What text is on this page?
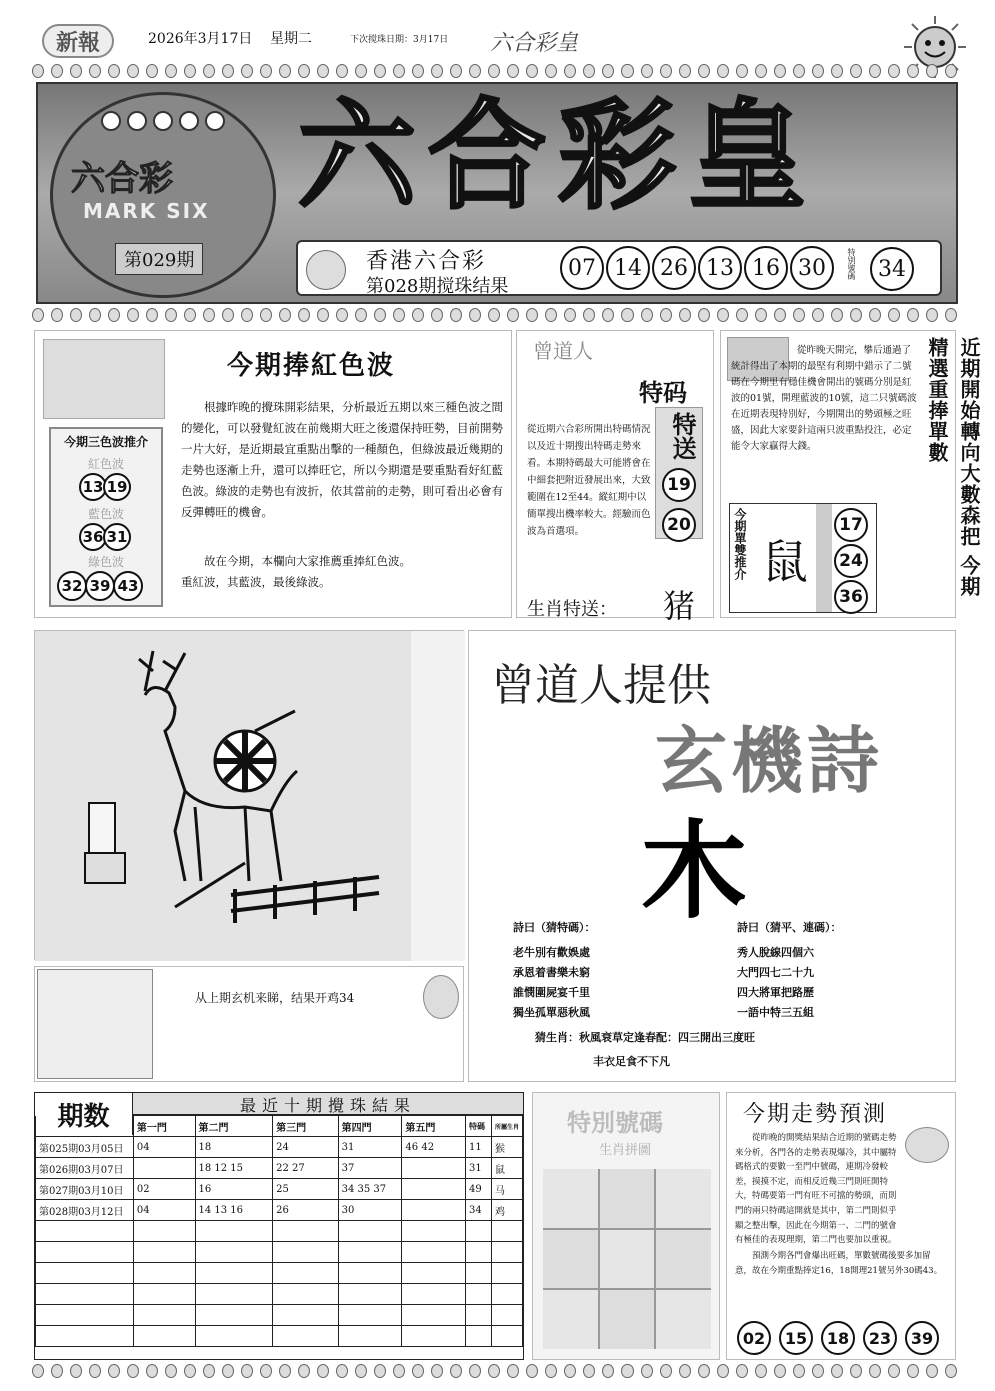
新報	2026年3月17日 星期二	下次搅珠日期：3月17日 六合彩皇
六合彩
MARK SIX
第029期
六合彩皇
香港六合彩
第028期搅珠结果
07 14 26 13 16 30	特别號碼	34
今期捧紅色波
今期三色波推介
紅色波
13 19
藍色波
36 31
綠色波
32 39 43
根據昨晚的攪珠開彩結果，分析最近五期以來三種色波之間的變化，可以發覺紅波在前幾期大旺之後還保持旺勢，目前開勢一片大好，是近期最宜重點出擊的一種顏色，但綠波最近幾期的走勢也逐漸上升，還可以捧旺它，所以今期還是要重點看好紅藍色波。綠波的走勢也有波折，依其當前的走勢，則可看出必會有反彈轉旺的機會。
故在今期，本欄向大家推薦重捧紅色波。
重紅波，其藍波，最後綠波。
曾道人
特码
特送
19
20
從近期六合彩所開出特碼情況以及近十期搜出特碼走勢來看。本期特碼最大可能將會在中細套把附近發展出來，大致範圍在12至44。縱紅期中以簡單搜出機率較大。經驗而色波為首選項。
生肖特送： 猪
從昨晚天開完，攀后通過了統計得出了本期的最堅有利期中錯示了二號碼在今期里有穩佳機會開出的號碼分別是紅波的01號，開理藍波的10號，這二只號碼波在近期表現特別好，今期開出的勢頭極之旺盛，因此大家要針這兩只波重點投注，必定能令大家贏得大錢。
今期單雙推介 鼠
17
24
36
近期開始轉向大數森把 今期精選重捧單數
从上期玄机来睇，结果开鸡34
曾道人提供
玄機詩
木
詩曰（猜特碼）：	詩曰（猜平、連碼）：
老牛別有歡娛處
承恩着書樂未窮
誰憫圍屍宴千里
獨坐孤單惡秋風
秀人脫線四個六
大門四七二十九
四大將軍把路歷
一語中特三五組
猜生肖：秋風衰草定逢春配：四三開出三度旺
丰衣足食不下凡
期数	最近十期攪珠結果
	第一門	第二門	第三門	第四門	第五門	特碼	所屬生肖
第025期03月05日	04	18	24	31	46 42	11	猴
第026期03月07日		18 12 15	22 27	37		31	鼠
第027期03月10日	02	16	25	34 35 37		49	马
第028期03月12日	04	14 13 16	26	30		34	鸡

特別號碼
生肖拼圖
今期走勢預測
從昨晚的開獎結果結合近期的號碼走勢來分析，各門各的走勢表現爆冷，其中屬特碼格式的要數一至門中號碼，連期冷發較差，摸摸不定，而相反近幾三門則旺開特大，特碼要第一門有旺不可擋的勢頭，而則門的兩只特碼這開就是其中，第二門則似乎顯之整出擊，因此在今期第一、二門的號會有極佳的表現理期，第二門也要加以重視。
預測今期各門會爆出旺碼，單數號碼後要多加留意，故在今期重點捧定16，18開理21號另外30碼43。
02	15	18	23	39
